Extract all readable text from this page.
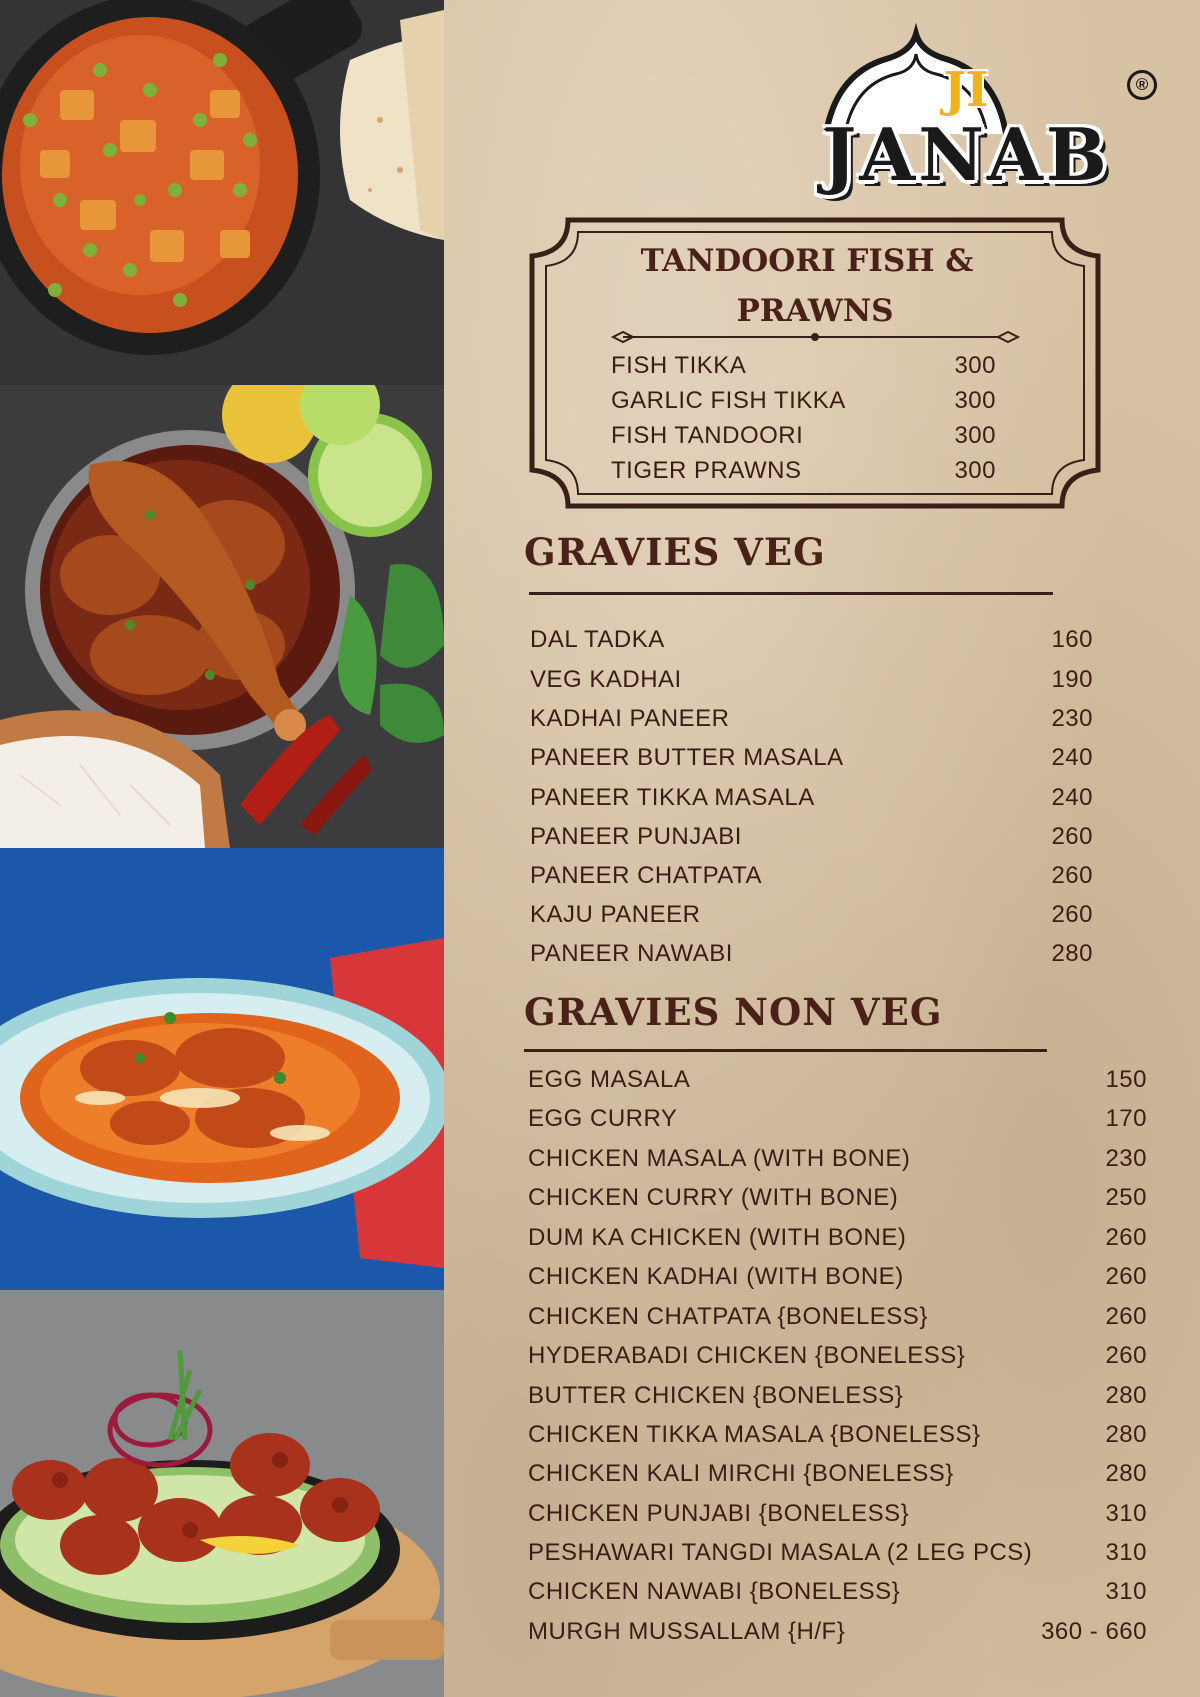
JI
JANAB
®
TANDOORI FISH &
PRAWNS
FISH TIKKA	300
GARLIC FISH TIKKA	300
FISH TANDOORI	300
TIGER PRAWNS	300
GRAVIES VEG
DAL TADKA	160
VEG KADHAI	190
KADHAI PANEER	230
PANEER BUTTER MASALA	240
PANEER TIKKA MASALA	240
PANEER PUNJABI	260
PANEER CHATPATA	260
KAJU PANEER	260
PANEER NAWABI	280
GRAVIES NON VEG
EGG MASALA	150
EGG CURRY	170
CHICKEN MASALA (WITH BONE)	230
CHICKEN CURRY (WITH BONE)	250
DUM KA CHICKEN (WITH BONE)	260
CHICKEN KADHAI (WITH BONE)	260
CHICKEN CHATPATA {BONELESS}	260
HYDERABADI CHICKEN {BONELESS}	260
BUTTER CHICKEN {BONELESS}	280
CHICKEN TIKKA MASALA {BONELESS}	280
CHICKEN KALI MIRCHI {BONELESS}	280
CHICKEN PUNJABI {BONELESS}	310
PESHAWARI TANGDI MASALA (2 LEG PCS)	310
CHICKEN NAWABI {BONELESS}	310
MURGH MUSSALLAM {H/F}	360 - 660
